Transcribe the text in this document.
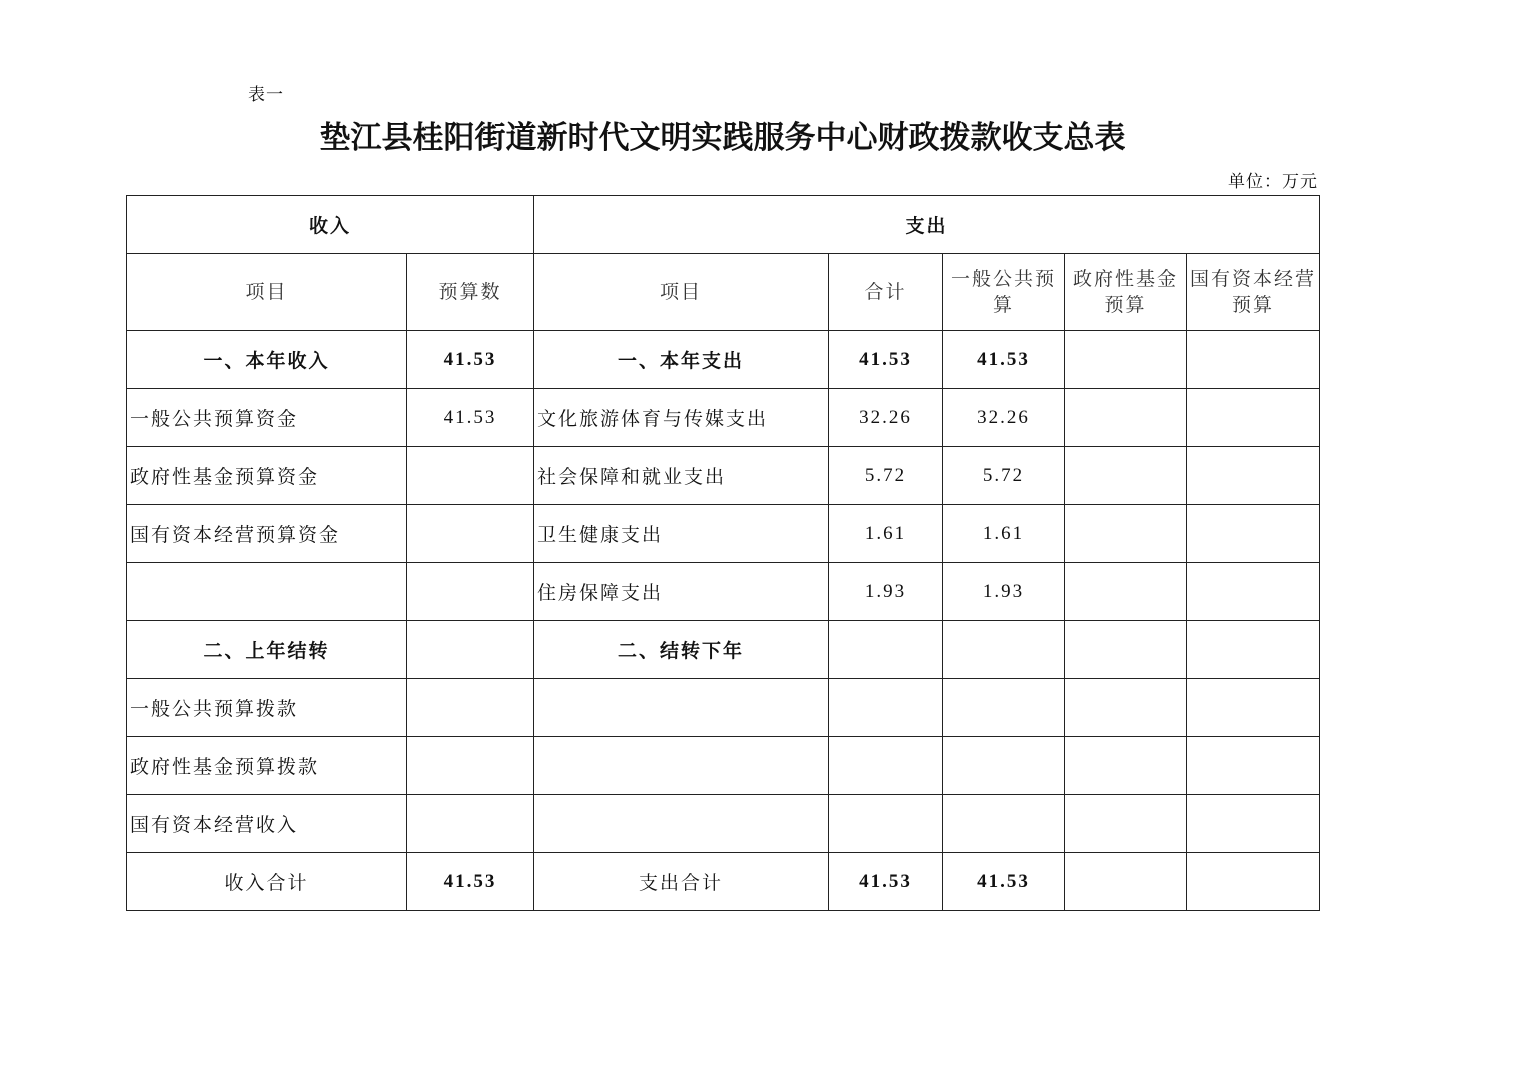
表一
垫江县桂阳街道新时代文明实践服务中心财政拨款收支总表
单位：万元
收入		支出				
项目	预算数	项目	合计	一般公共预算	政府性基金预算	国有资本经营预算
一、本年收入	41.53	一、本年支出	41.53	41.53		
一般公共预算资金	41.53	文化旅游体育与传媒支出	32.26	32.26		
政府性基金预算资金		社会保障和就业支出	5.72	5.72		
国有资本经营预算资金		卫生健康支出	1.61	1.61		
		住房保障支出	1.93	1.93		
二、上年结转		二、结转下年				
一般公共预算拨款						
政府性基金预算拨款						
国有资本经营收入						
收入合计	41.53	支出合计	41.53	41.53		
